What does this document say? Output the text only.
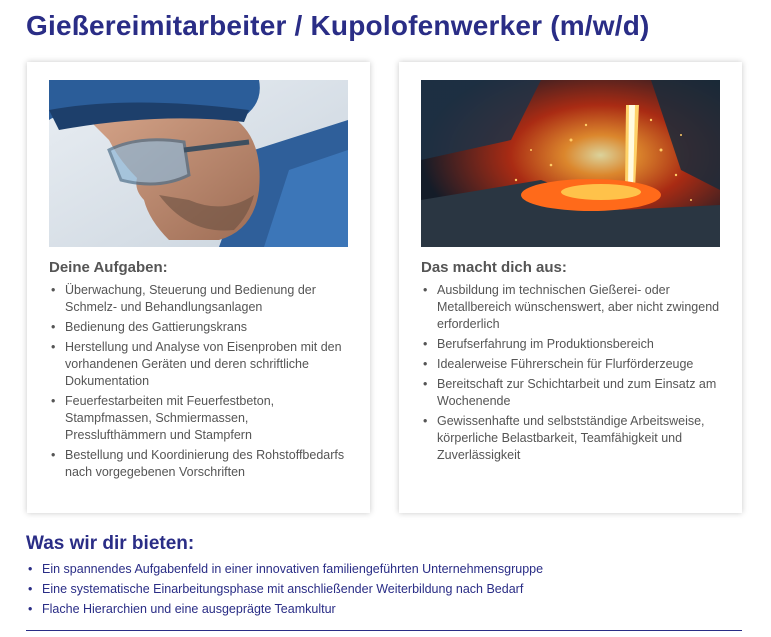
Gießereimitarbeiter / Kupolofenwerker (m/w/d)
Deine Aufgaben:
• Überwachung, Steuerung und Bedienung der Schmelz- und Behandlungsanlagen
• Bedienung des Gattierungskrans
• Herstellung und Analyse von Eisenproben mit den vorhandenen Geräten und deren schriftliche Dokumentation
• Feuerfestarbeiten mit Feuerfestbeton, Stampfmassen, Schmiermassen, Presslufthämmern und Stampfern
• Bestellung und Koordinierung des Rohstoffbedarfs nach vorgegebenen Vorschriften
Das macht dich aus:
• Ausbildung im technischen Gießerei- oder Metallbereich wünschenswert, aber nicht zwingend erforderlich
• Berufserfahrung im Produktionsbereich
• Idealerweise Führerschein für Flurförderzeuge
• Bereitschaft zur Schichtarbeit und zum Einsatz am Wochenende
• Gewissenhafte und selbstständige Arbeitsweise, körperliche Belastbarkeit, Teamfähigkeit und Zuverlässigkeit
Was wir dir bieten:
• Ein spannendes Aufgabenfeld in einer innovativen familiengeführten Unternehmensgruppe
• Eine systematische Einarbeitungsphase mit anschließender Weiterbildung nach Bedarf
• Flache Hierarchien und eine ausgeprägte Teamkultur
